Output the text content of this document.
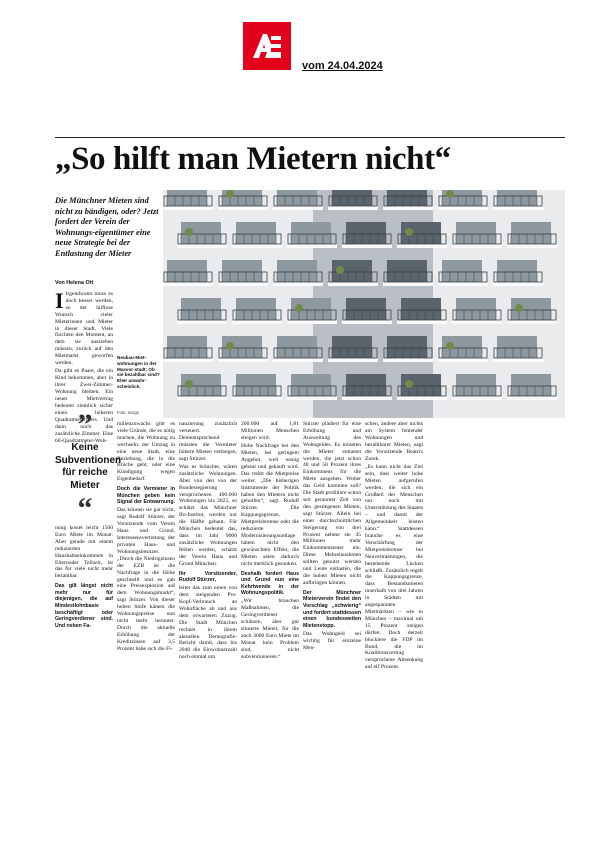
vom 24.04.2024
„So hilft man Mietern nicht“
Die Münchner Mieten sind nicht zu bändigen, oder? Jetzt fordert der Verein der Wohnungs-eigentümer eine neue Strategie bei der Entlastung der Mieter
Von Helena Ott
Neubau-Miet-wohnungen in der Maxvor-stadt: Ob sie bezahlbar sind? Eher unwahr-scheinlich.
Foto: imago

I Irgendwann muss es doch besser werden, so der hilflose Wunsch vieler Mieterinnen und Mieter in dieser Stadt. Viele fürchten den Moment, an dem sie ausziehen müssen, zurück auf den Mietmarkt geworfen werden.

Da gibt es Paare, die ein Kind bekommen, aber in ihrer Zwei-Zimmer-Wohnung bleiben. Ein neuer Mietvertrag bedeutet ziemlich sicher einen höheren Quadratmeterpreis. Und dann noch das zusätzliche Zimmer. Eine 60-Quadratmeter-Woh-

”
Keine Subventionen für reiche Mieter
“

nung kostet leicht 1500 Euro Miete im Monat. Aber gerade mit einem reduzierten Haushaltseinkommen in Elternoder Teilzeit, ist das für viele nicht mehr bezahlbar.

Das gilt längst nicht mehr nur für diejenigen, die auf Mindestlohnbasis beschäftigt oder Geringverdiener sind. Und neben Fa-

milienzuwachs gibt es viele Gründe, die es nötig machen, die Wohnung zu wechseln: der Umzug in eine neue Stadt, eine Beziehung, die in die Brüche geht, oder eine Kündigung wegen Eigenbedarf.

Doch die Vermieter in München geben kein Signal der Entwarnung.

Das können sie gar nicht, sagt Rudolf Stürzer, der Vorsitzende vom Verein Haus und Grund, Interessensvertretung der privaten Haus- und Wohnungsbesitzer. „Durch die Niedrigzinsen der EZB ist die Nachfrage in die Höhe geschnellt und es gab eine Preisexplosion auf dem Wohnungsmarkt“, sagt Stürzer. Von dieser hohen Stufe kämen die Wohnungspreise nun nicht mehr herunter. Durch die aktuelle Erhöhung der Kreditzinsen auf 3,5 Prozent habe sich die Fi-

nanzierung zusätzlich verteuert. Dementsprechend müssten die Vermieter höhere Mieten verlangen, sagt Stürzer.

Was es bräuchte, wären zusätzliche Wohnungen. Aber von den von der Bundesregierung versprochenen 400.000 Wohnungen bis 2025, so schätzt das Münchner Ifo-Institut, werden nur die Hälfte gebaut. Für München bedeutet das, dass im Jahr 9000 zusätzliche Wohnungen fehlen werden, schätzt der Verein Haus und Grund München.

Ihr Vorsitzender, Rudolf Stürzer,

leitet das zum einen von dem steigenden Pro-Kopf-Verbrauch an Wohnfläche ab und aus dem erwarteten Zuzug. Die Stadt München rechnet in ihrem aktuellen Demografie-Bericht damit, dass bis 2040 die Einwohnerzahl noch einmal um

200.000 auf 1,81 Millionen Menschen steigen wird.

Hohe Nachfrage bei den Mieten, bei geringem Angebot, weil wenig gebaut und gekauft wird. Das treibt die Mietpreise weiter. „Die bisherigen Instrumente der Politik haben den Mietern nicht geholfen“, sagt Rudolf Stürzer. Die Kappungsgrenze, Mietpreisbremse oder die reduzierte Modernisierungsumlage hätten nicht den gewünschten Effekt, die Mieten seien dadurch nicht merklich gesunken.

Deshalb fordert Haus und Grund nun eine Kehrtwende in der Wohnungspolitik.

„Wir brauchen Maßnahmen, die Geringverdiener schützen, aber gut situierte Mieter, für die auch 3000 Euro Miete im Monat kein Problem sind, nicht subventionieren.“

Stürzer plädiert für eine Erhöhung und Ausweitung des Wohngeldes. Es müssten die Mieter entlastet werden, die jetzt schon 40 und 50 Prozent ihres Einkommens für die Miete ausgeben. Woher das Geld kommen soll? Die Stadt profitiere schon seit geraumer Zeit von den gestiegenen Mieten, sagt Stürzer. Allein bei einer durchschnittlichen Steigerung von drei Prozent nehme sie 45 Millionen mehr Einkommensteuer ein. Diese Mehreinnahmen sollten genutzt werden und Leute entlasten, die die hohen Mieten nicht aufbringen können.

Der Münchner Mieterverein findet den Vorschlag „schwierig“ und fordert stattdessen einen bundesweiten Mietenstopp.

Das Wohngeld sei wichtig für einzelne Men-

schen, ändere aber nichts am System fehlender Wohnungen und bezahlbarer Mieten, sagt die Vorsitzende Beatrix Zurek.

„Es kann nicht das Ziel sein, dass weiter hohe Mieten aufgerufen werden, die sich ein Großteil der Menschen nur noch mit Unterstützung des Staates – und damit der Allgemeinheit leisten kann.“ Stattdessen brauche es eine Verschärfung der Mietpreisbremse bei Neuvermietungen, die bestehende Lücken schließt. Zusätzlich regelt die Kappungsgrenze, dass Bestandsmieten innerhalb von drei Jahren in Städten mit angespannten Mietmärkten – wie in München – maximal um 15 Prozent steigen dürfen. Doch derzeit blockiere die FDP im Bund, die im Koalitionsvertrag versprochene Absenkung auf elf Prozent.
